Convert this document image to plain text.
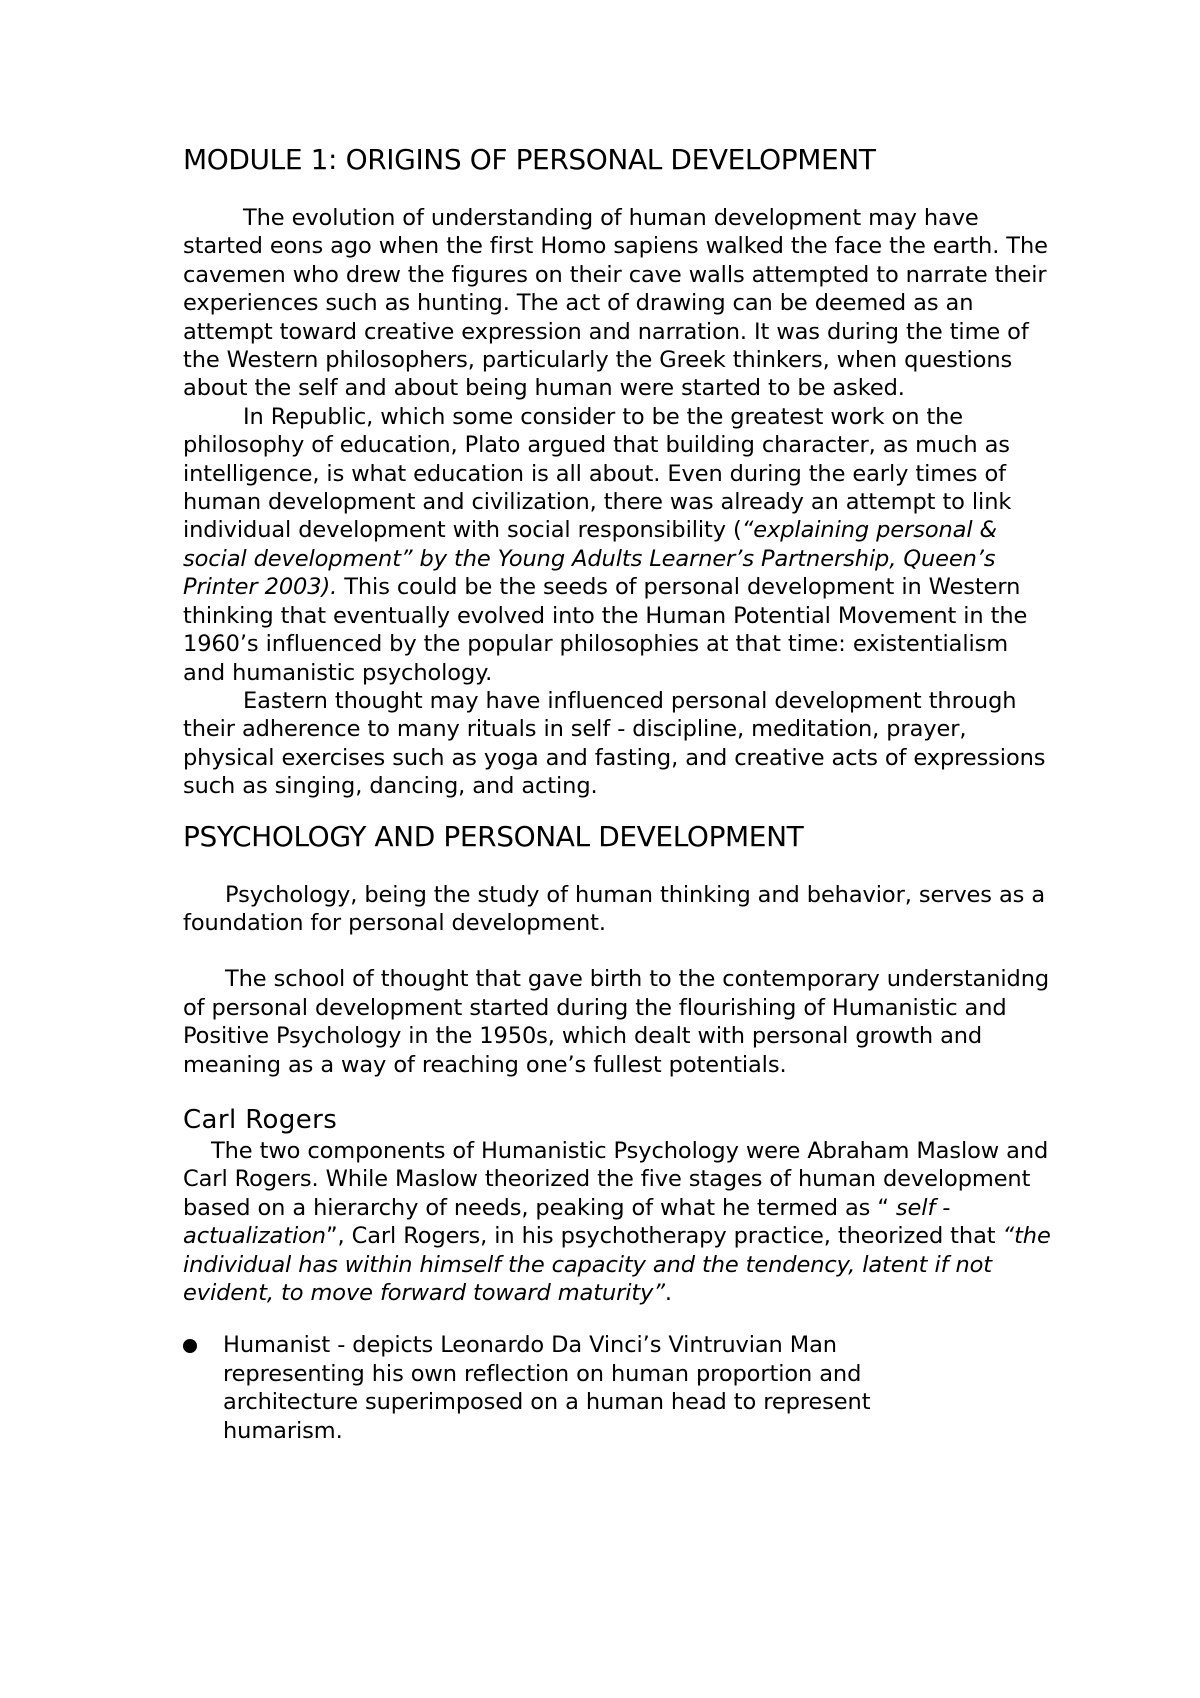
MODULE 1: ORIGINS OF PERSONAL DEVELOPMENT

The evolution of understanding of human development may have started eons ago when the first Homo sapiens walked the face the earth. The cavemen who drew the figures on their cave walls attempted to narrate their experiences such as hunting. The act of drawing can be deemed as an attempt toward creative expression and narration. It was during the time of the Western philosophers, particularly the Greek thinkers, when questions about the self and about being human were started to be asked.

In Republic, which some consider to be the greatest work on the philosophy of education, Plato argued that building character, as much as intelligence, is what education is all about. Even during the early times of human development and civilization, there was already an attempt to link individual development with social responsibility (“explaining personal & social development” by the Young Adults Learner’s Partnership, Queen’s Printer 2003). This could be the seeds of personal development in Western thinking that eventually evolved into the Human Potential Movement in the 1960’s influenced by the popular philosophies at that time: existentialism and humanistic psychology.

Eastern thought may have influenced personal development through their adherence to many rituals in self - discipline, meditation, prayer, physical exercises such as yoga and fasting, and creative acts of expressions such as singing, dancing, and acting.

PSYCHOLOGY AND PERSONAL DEVELOPMENT

Psychology, being the study of human thinking and behavior, serves as a foundation for personal development.

The school of thought that gave birth to the contemporary understanidng of personal development started during the flourishing of Humanistic and Positive Psychology in the 1950s, which dealt with personal growth and meaning as a way of reaching one’s fullest potentials.

Carl Rogers

The two components of Humanistic Psychology were Abraham Maslow and Carl Rogers. While Maslow theorized the five stages of human development based on a hierarchy of needs, peaking of what he termed as “ self - actualization”, Carl Rogers, in his psychotherapy practice, theorized that “the individual has within himself the capacity and the tendency, latent if not evident, to move forward toward maturity”.

Humanist - depicts Leonardo Da Vinci’s Vintruvian Man representing his own reflection on human proportion and architecture superimposed on a human head to represent humarism.
